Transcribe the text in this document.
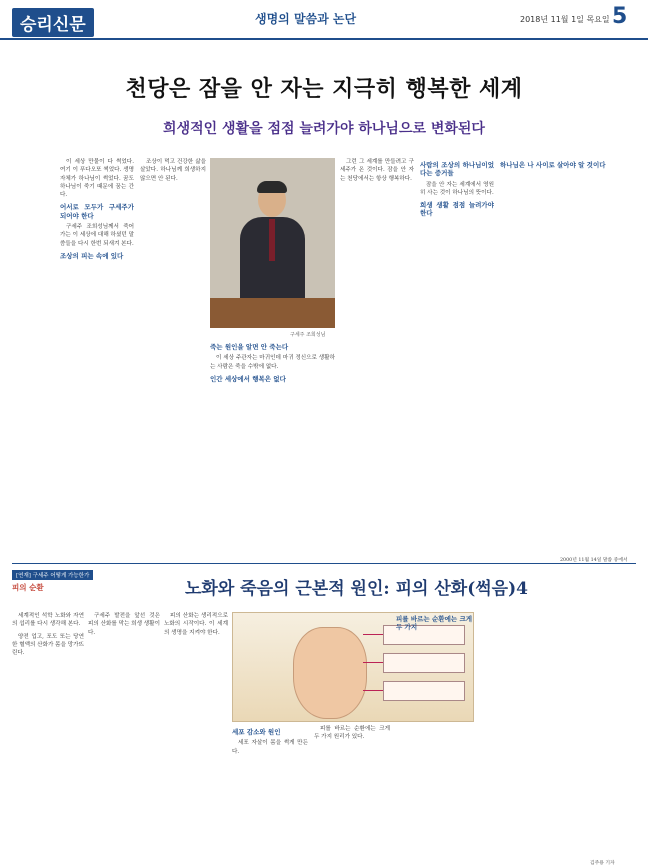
승리신문	생명의 말씀과 논단	2018년 11월 1일 목요일 5
천당은 잠을 안 자는 지극히 행복한 세계
희생적인 생활을 점점 늘려가야 하나님으로 변화된다

이 세상 만물이 다 썩었다. 여기 이 푸다오또 썩었다. 생명 자체가 하나님이 썩었다. 꿈도 하나님이 죽기 때문에 꿈는 간다.

어서로 모두가 구세주가 되어야 한다

구세주 조희성님께서 죽어가는 이 세상에 대해 하셨던 말씀들을 다시 한번 되새겨 본다.

조상의 피는 속에 있다

조상이 먹고 건강한 삶을 살았다. 하나님께 희생하지 않으면 안 된다.

구세주 조희성님
죽는 원인을 알면 안 죽는다

이 세상 주관자는 마귀인데 마귀 정신으로 생활하는 사람은 죽을 수밖에 없다.

인간 세상에서 행복은 없다

그런 그 세계를 만들려고 구세주가 온 것이다. 잠을 안 자는 천당에서는 항상 행복하다.

사람의 조상의 하나님이었다는 증거들

잠을 안 자는 세계에서 영원히 사는 것이 하나님의 뜻이다.

희생 생활 점점 늘려가야 한다
하나님은 나 사이로 살아야 알 것이다
2000년 11월 14일 말씀 중에서
[연재] 구세주 어떻게 가능한가
피의 순환	노화와 죽음의 근본적 원인: 피의 산화(썩음)4

세계적인 석학 노화와 자연의 섭리를 다시 생각해 본다.

양전 업고, 포도 또는 당연한 혈액의 산화가 몸을 망가뜨린다.

구세주 발전을 앞선 것은 피의 산화를 막는 희생 생활이다.

피의 산화는 생리적으로 노화의 시작이다. 이 세계의 생명을 지켜야 한다.

세포 감소와 원인

세포 자살이 몸을 썩게 만든다.

피를 바르는 순환에는 크게 두 가지 원리가 있다.

피를 바르는 순환에는 크게 두 가지
김주용 기자
